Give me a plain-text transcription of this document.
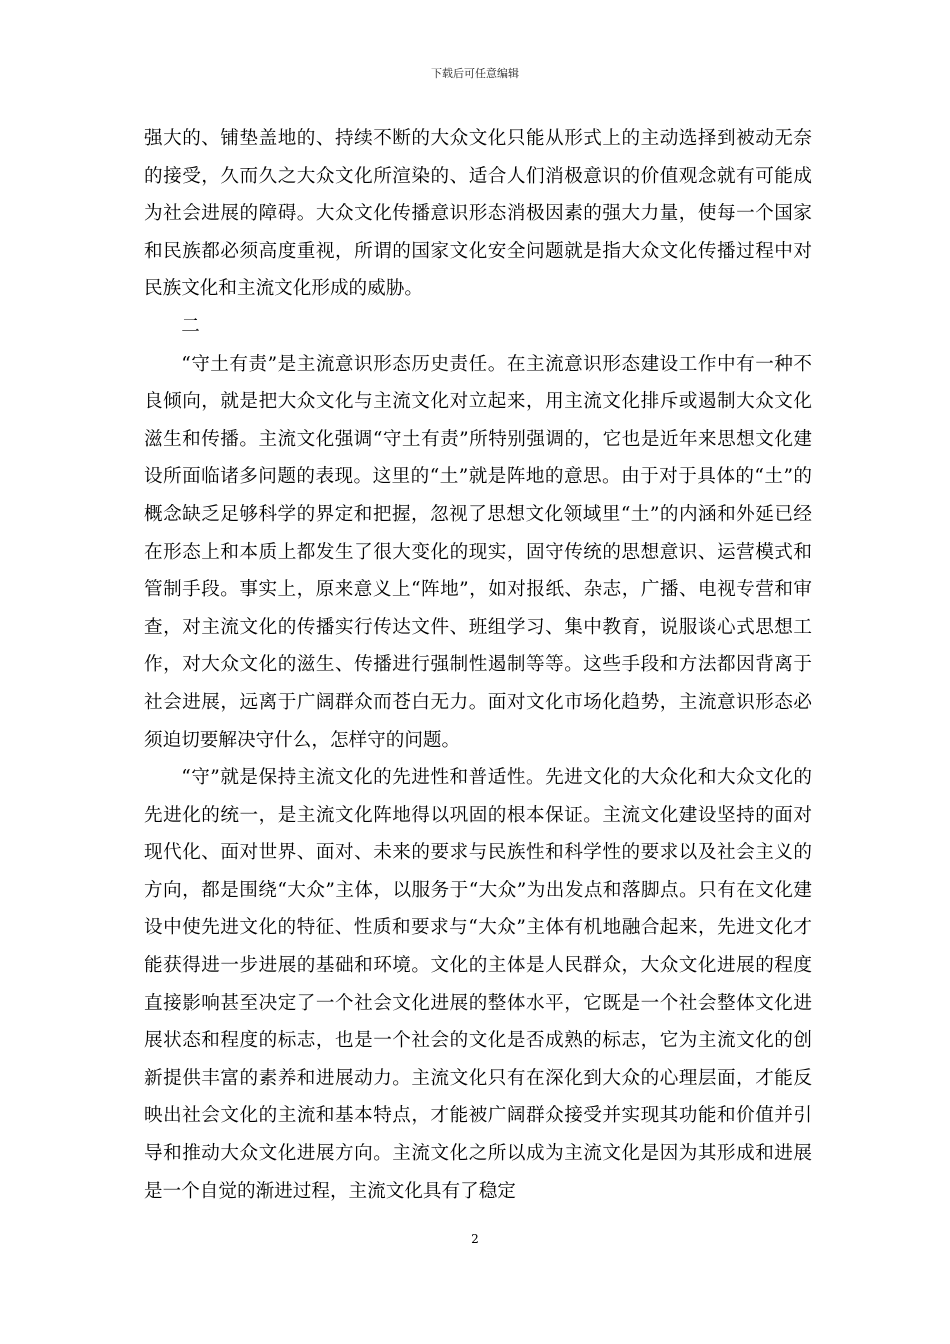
下载后可任意编辑

强大的、铺垫盖地的、持续不断的大众文化只能从形式上的主动选择到被动无奈的接受，久而久之大众文化所渲染的、适合人们消极意识的价值观念就有可能成为社会进展的障碍。大众文化传播意识形态消极因素的强大力量，使每一个国家和民族都必须高度重视，所谓的国家文化安全问题就是指大众文化传播过程中对民族文化和主流文化形成的威胁。

二

“守土有责”是主流意识形态历史责任。在主流意识形态建设工作中有一种不良倾向，就是把大众文化与主流文化对立起来，用主流文化排斥或遏制大众文化滋生和传播。主流文化强调“守土有责”所特别强调的，它也是近年来思想文化建设所面临诸多问题的表现。这里的“土”就是阵地的意思。由于对于具体的“土”的概念缺乏足够科学的界定和把握，忽视了思想文化领域里“土”的内涵和外延已经在形态上和本质上都发生了很大变化的现实，固守传统的思想意识、运营模式和管制手段。事实上，原来意义上“阵地”，如对报纸、杂志，广播、电视专营和审查，对主流文化的传播实行传达文件、班组学习、集中教育，说服谈心式思想工作，对大众文化的滋生、传播进行强制性遏制等等。这些手段和方法都因背离于社会进展，远离于广阔群众而苍白无力。面对文化市场化趋势，主流意识形态必须迫切要解决守什么，怎样守的问题。

“守”就是保持主流文化的先进性和普适性。先进文化的大众化和大众文化的先进化的统一，是主流文化阵地得以巩固的根本保证。主流文化建设坚持的面对现代化、面对世界、面对、未来的要求与民族性和科学性的要求以及社会主义的方向，都是围绕“大众”主体，以服务于“大众”为出发点和落脚点。只有在文化建设中使先进文化的特征、性质和要求与“大众”主体有机地融合起来，先进文化才能获得进一步进展的基础和环境。文化的主体是人民群众，大众文化进展的程度直接影响甚至决定了一个社会文化进展的整体水平，它既是一个社会整体文化进展状态和程度的标志，也是一个社会的文化是否成熟的标志，它为主流文化的创新提供丰富的素养和进展动力。主流文化只有在深化到大众的心理层面，才能反映出社会文化的主流和基本特点，才能被广阔群众接受并实现其功能和价值并引导和推动大众文化进展方向。主流文化之所以成为主流文化是因为其形成和进展是一个自觉的渐进过程，主流文化具有了稳定

2
